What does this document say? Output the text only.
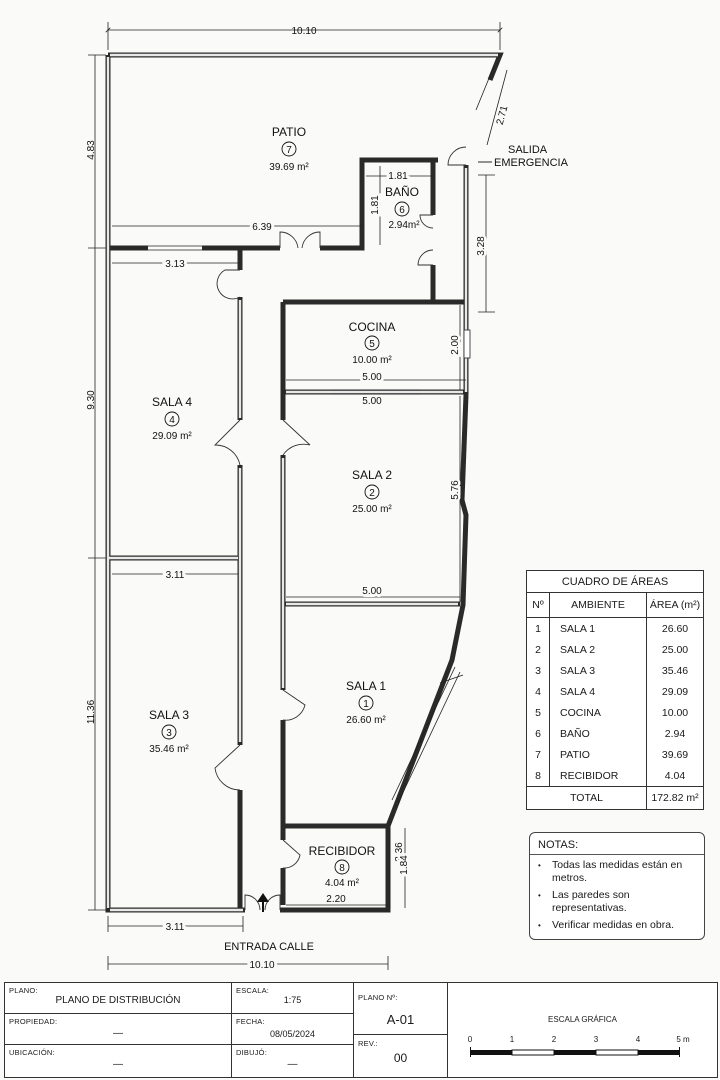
10.10
4.83
9.30
11.36
6.39
1.81
1.81
3.13
3.11
5.00
2.00
5.00
5.76
5.00
2.71
3.28
2.20
3.36
1.84
3.11
10.10
PATIO
7
39.69 m²
BAÑO
6
2.94m²
COCINA
5
10.00 m²
SALA 4
4
29.09 m²
SALA 2
2
25.00 m²
SALA 1
1
26.60 m²
SALA 3
3
35.46 m²
RECIBIDOR
8
4.04 m²
SALIDA
EMERGENCIA
ENTRADA CALLE
CUADRO DE ÁREAS
Nº	AMBIENTE	ÁREA (m²)
1	SALA 1	26.60
2	SALA 2	25.00
3	SALA 3	35.46
4	SALA 4	29.09
5	COCINA	10.00
6	BAÑO	2.94
7	PATIO	39.69
8	RECIBIDOR	4.04
TOTAL		172.82 m²
NOTAS:
• Todas las medidas están en metros.
• Las paredes son representativas.
• Verificar medidas en obra.
PLANO:
PLANO DE DISTRIBUCIÓN
PROPIEDAD:
—
UBICACIÓN:
—
ESCALA:
1:75
FECHA:
08/05/2024
DIBUJÓ:
—
PLANO Nº:
A-01
REV.:
00
ESCALA GRÁFICA
0	1	2	3	4	5 m
